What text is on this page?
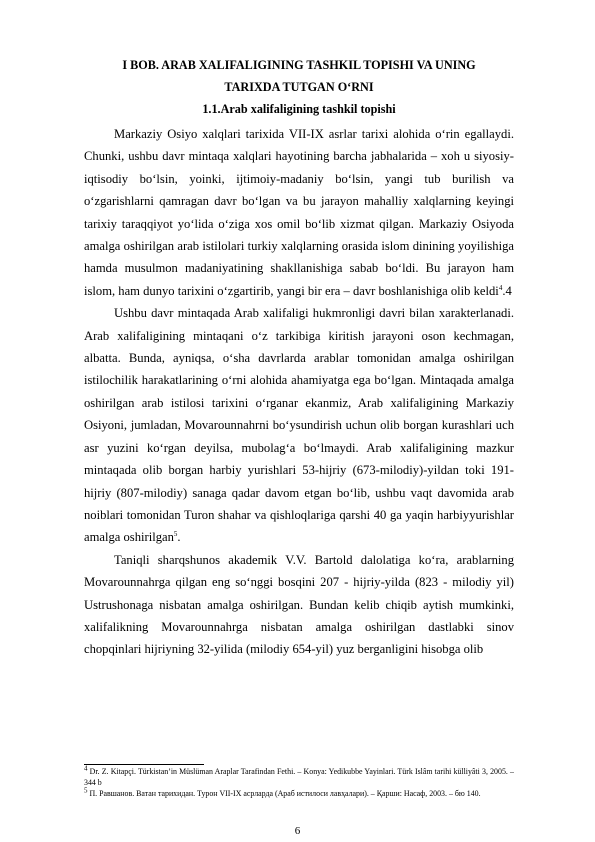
I BOB. ARAB XALIFALIGINING TASHKIL TOPISHI VA UNING
TARIXDA TUTGAN O‘RNI
1.1.Arab xalifaligining tashkil topishi

Markaziy Osiyo xalqlari tarixida VII-IX asrlar tarixi alohida o‘rin egallaydi. Chunki, ushbu davr mintaqa xalqlari hayotining barcha jabhalarida – xoh u siyosiy-iqtisodiy bo‘lsin, yoinki, ijtimoiy-madaniy bo‘lsin, yangi tub burilish va o‘zgarishlarni qamragan davr bo‘lgan va bu jarayon mahalliy xalqlarning keyingi tarixiy taraqqiyot yo‘lida o‘ziga xos omil bo‘lib xizmat qilgan. Markaziy Osiyoda amalga oshirilgan arab istilolari turkiy xalqlarning orasida islom dinining yoyilishiga hamda musulmon madaniyatining shakllanishiga sabab bo‘ldi. Bu jarayon ham islom, ham dunyo tarixini o‘zgartirib, yangi bir era – davr boshlanishiga olib keldi$^4$.4

Ushbu davr mintaqada Arab xalifaligi hukmronligi davri bilan xarakterlanadi. Arab xalifaligining mintaqani o‘z tarkibiga kiritish jarayoni oson kechmagan, albatta. Bunda, ayniqsa, o‘sha davrlarda arablar tomonidan amalga oshirilgan istilochilik harakatlarining o‘rni alohida ahamiyatga ega bo‘lgan. Mintaqada amalga oshirilgan arab istilosi tarixini o‘rganar ekanmiz, Arab xalifaligining Markaziy Osiyoni, jumladan, Movarounnahrni bo‘ysundirish uchun olib borgan kurashlari uch asr yuzini ko‘rgan deyilsa, mubolag‘a bo‘lmaydi. Arab xalifaligining mazkur mintaqada olib borgan harbiy yurishlari 53-hijriy (673-milodiy)-yildan toki 191-hijriy (807-milodiy) sanaga qadar davom etgan bo‘lib, ushbu vaqt davomida arab noiblari tomonidan Turon shahar va qishloqlariga qarshi 40 ga yaqin harbiyyurishlar amalga oshirilgan$^5$.

Taniqli sharqshunos akademik V.V. Bartold dalolatiga ko‘ra, arablarning Movarounnahrga qilgan eng so‘nggi bosqini 207 - hijriy-yilda (823 - milodiy yil) Ustrushonaga nisbatan amalga oshirilgan. Bundan kelib chiqib aytish mumkinki, xalifalikning Movarounnahrga nisbatan amalga oshirilgan dastlabki sinov chopqinlari hijriyning 32-yilida (milodiy 654-yil) yuz berganligini hisobga olib

$^4$ Dr. Z. Kitapçi. Türkistan’in Müslüman Araplar Tarafindan Fethi. – Konya: Yedikubbe Yayinlari. Türk Islâm tarihi külliyâti 3, 2005. – 344 b
$^5$ П. Равшанов. Ватан тарихидан. Турон VII-IX асрларда (Араб истилоси лавҳалари). – Қарши: Насаф, 2003. – бю 140.
6
